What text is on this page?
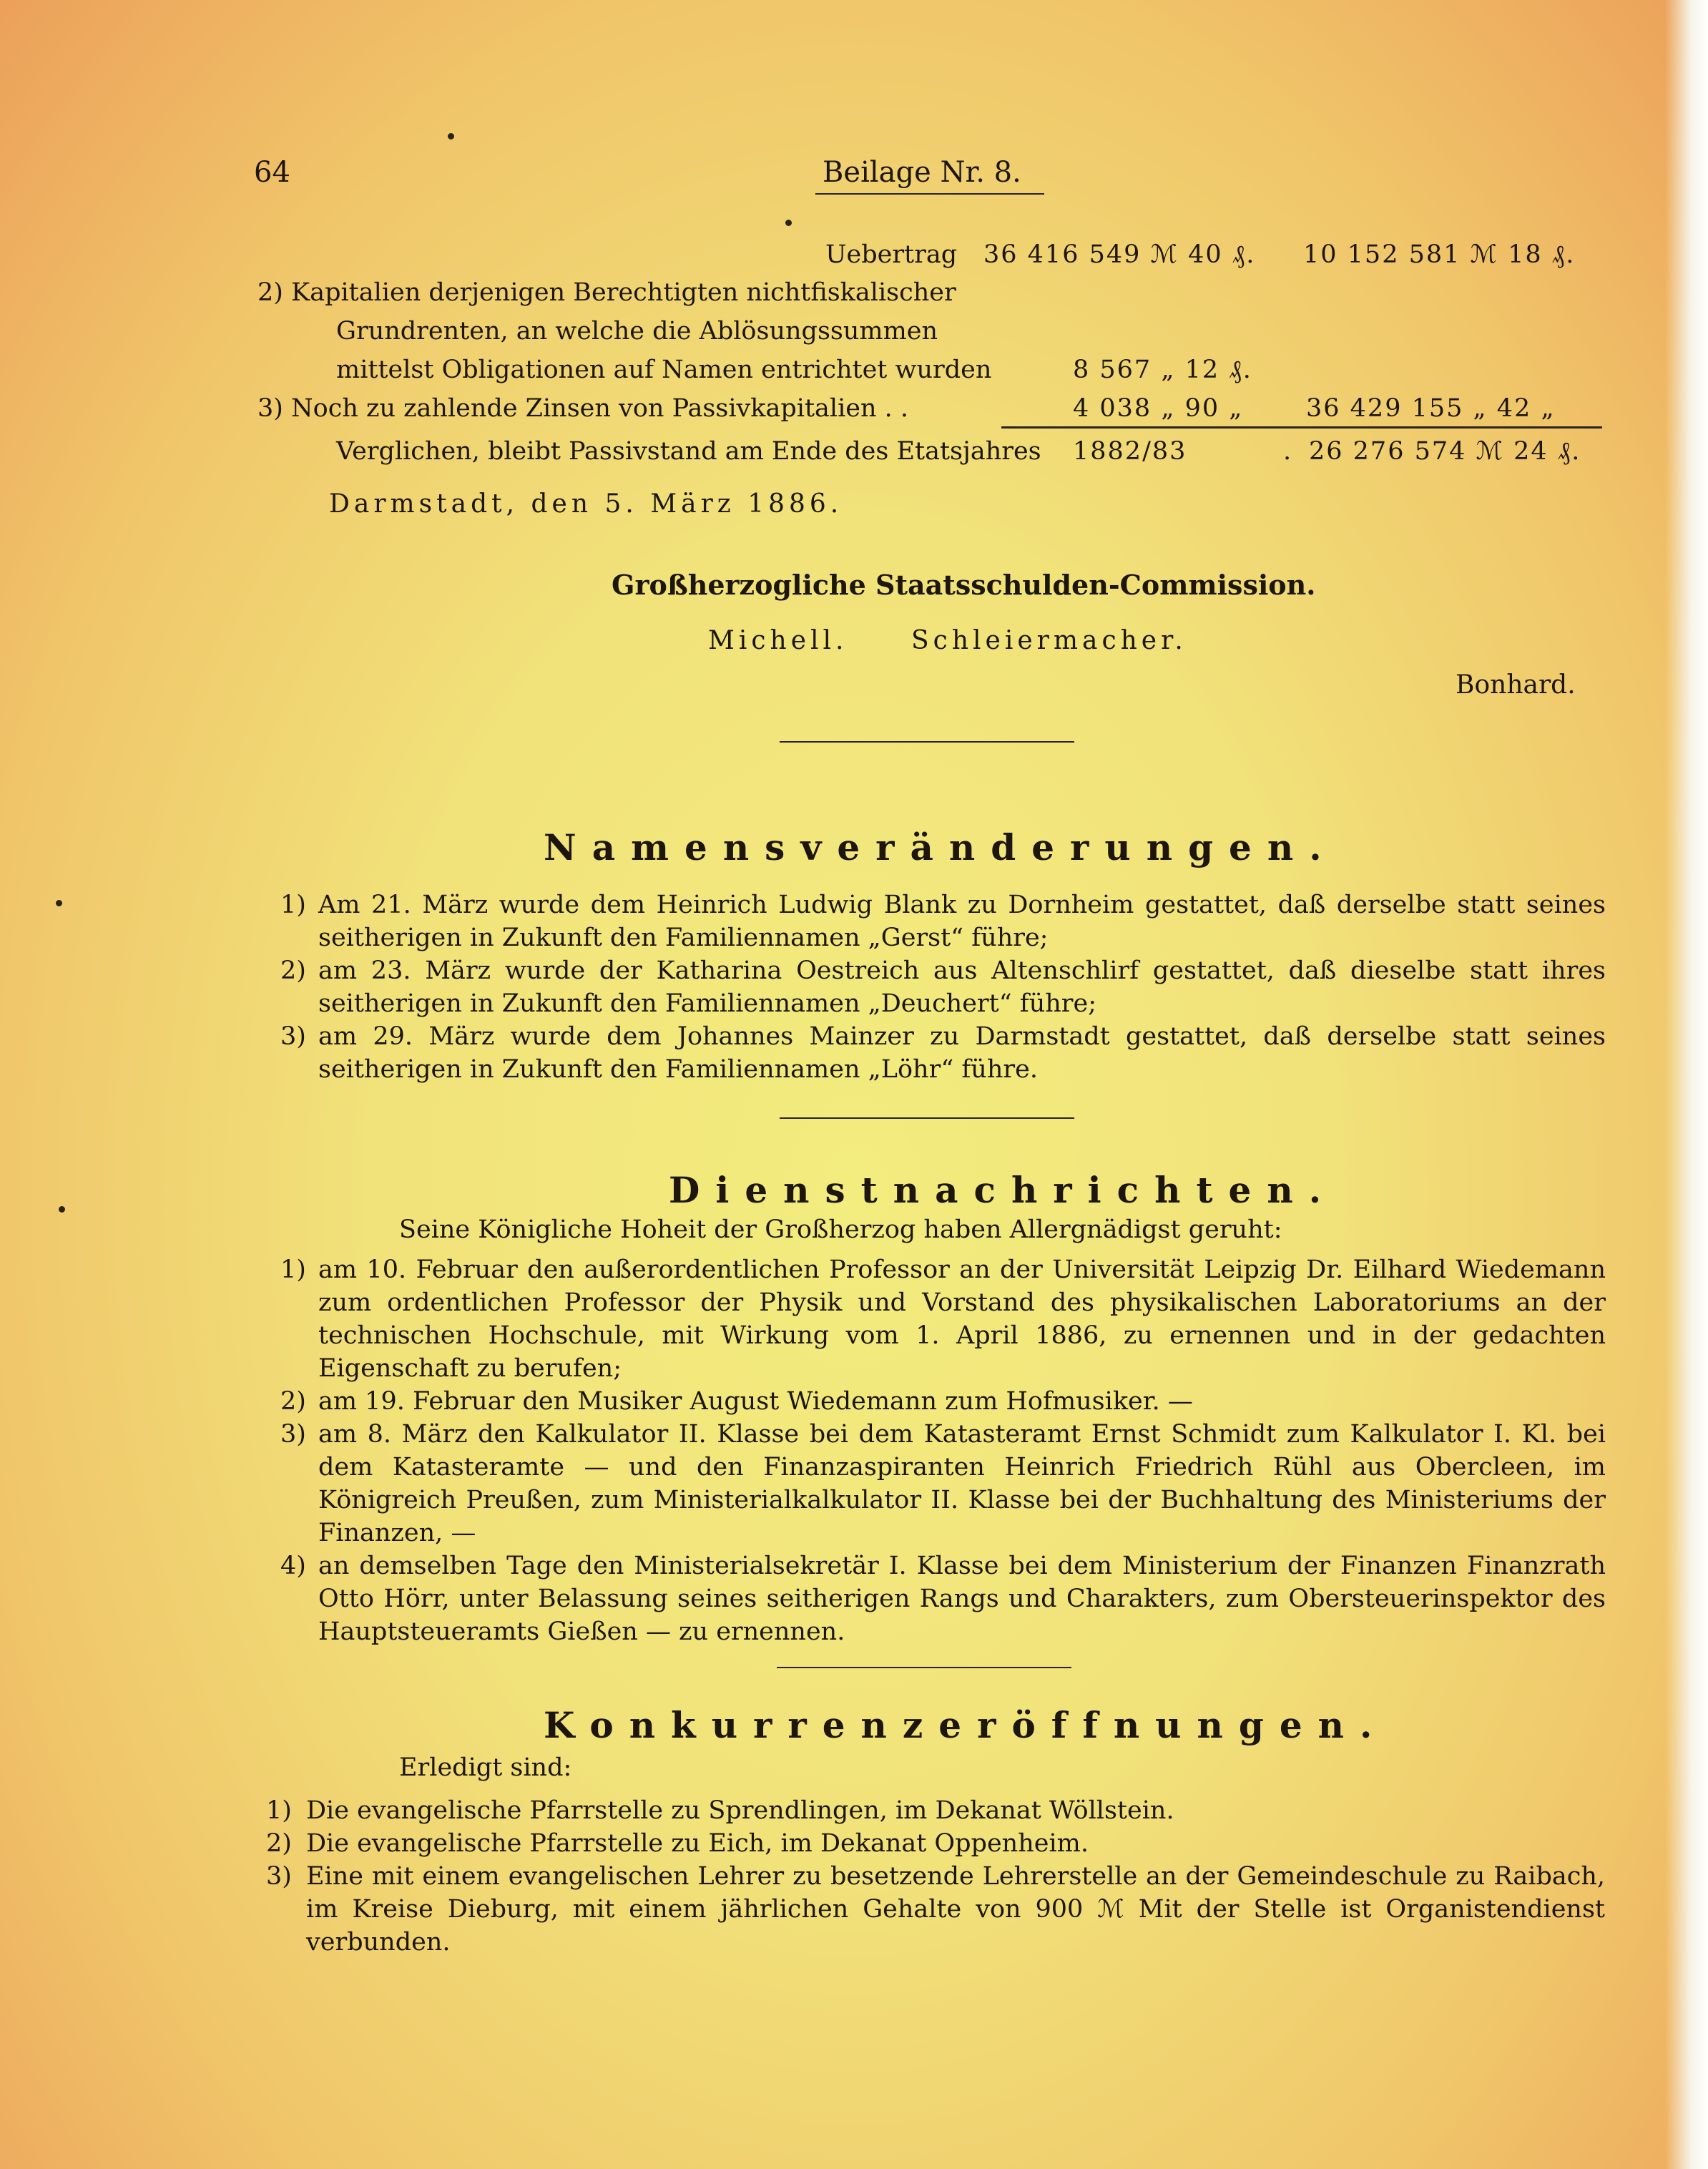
64	Beilage Nr. 8.
Uebertrag 36 416 549 ℳ 40 ₰. 10 152 581 ℳ 18 ₰.
2) Kapitalien derjenigen Berechtigten nichtfiskalischer
Grundrenten, an welche die Ablösungssummen
mittelst Obligationen auf Namen entrichtet wurden	8 567 „ 12 ₰.
3) Noch zu zahlende Zinsen von Passivkapitalien . .	4 038 „ 90 „	36 429 155 „ 42 „
Verglichen, bleibt Passivstand am Ende des Etatsjahres 1882/83	. 26 276 574 ℳ 24 ₰.
Darmstadt, den 5. März 1886.
Großherzogliche Staatsschulden-Commission.
Michell. Schleiermacher.
Bonhard.
Namensveränderungen.
1) Am 21. März wurde dem Heinrich Ludwig Blank zu Dornheim gestattet, daß derselbe statt seines seitherigen in Zukunft den Familiennamen „Gerst“ führe;
2) am 23. März wurde der Katharina Oestreich aus Altenschlirf gestattet, daß dieselbe statt ihres seitherigen in Zukunft den Familiennamen „Deuchert“ führe;
3) am 29. März wurde dem Johannes Mainzer zu Darmstadt gestattet, daß derselbe statt seines seitherigen in Zukunft den Familiennamen „Löhr“ führe.
Dienstnachrichten.
Seine Königliche Hoheit der Großherzog haben Allergnädigst geruht:
1) am 10. Februar den außerordentlichen Professor an der Universität Leipzig Dr. Eilhard Wiedemann zum ordentlichen Professor der Physik und Vorstand des physikalischen Laboratoriums an der technischen Hochschule, mit Wirkung vom 1. April 1886, zu ernennen und in der gedachten Eigenschaft zu berufen;
2) am 19. Februar den Musiker August Wiedemann zum Hofmusiker. —
3) am 8. März den Kalkulator II. Klasse bei dem Katasteramt Ernst Schmidt zum Kalkulator I. Kl. bei dem Katasteramte — und den Finanzaspiranten Heinrich Friedrich Rühl aus Obercleen, im Königreich Preußen, zum Ministerialkalkulator II. Klasse bei der Buchhaltung des Ministeriums der Finanzen, —
4) an demselben Tage den Ministerialsekretär I. Klasse bei dem Ministerium der Finanzen Finanzrath Otto Hörr, unter Belassung seines seitherigen Rangs und Charakters, zum Obersteuerinspektor des Hauptsteueramts Gießen — zu ernennen.
Konkurrenzeröffnungen.
Erledigt sind:
1) Die evangelische Pfarrstelle zu Sprendlingen, im Dekanat Wöllstein.
2) Die evangelische Pfarrstelle zu Eich, im Dekanat Oppenheim.
3) Eine mit einem evangelischen Lehrer zu besetzende Lehrerstelle an der Gemeindeschule zu Raibach, im Kreise Dieburg, mit einem jährlichen Gehalte von 900 ℳ Mit der Stelle ist Organistendienst verbunden.
